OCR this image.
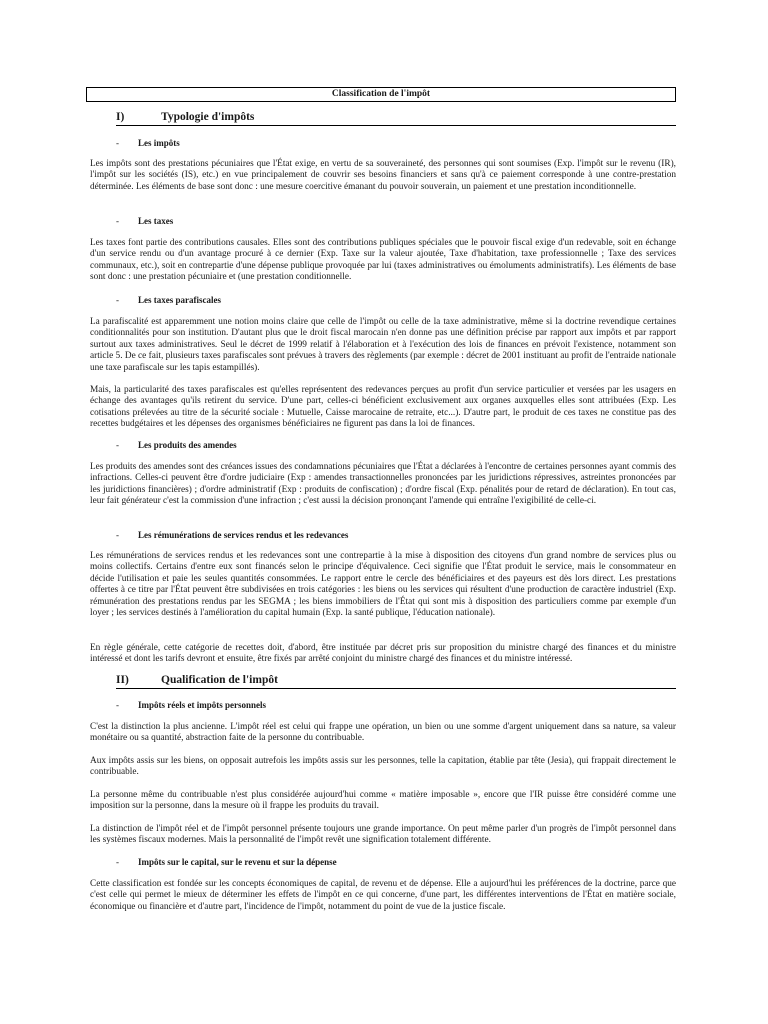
Classification de l'impôt
I)	Typologie d'impôts
- Les impôts

Les impôts sont des prestations pécuniaires que l'État exige, en vertu de sa souveraineté, des personnes qui sont soumises (Exp. l'impôt sur le revenu (IR), l'impôt sur les sociétés (IS), etc.) en vue principalement de couvrir ses besoins financiers et sans qu'à ce paiement corresponde à une contre-prestation déterminée. Les éléments de base sont donc : une mesure coercitive émanant du pouvoir souverain, un paiement et une prestation inconditionnelle.

- Les taxes

Les taxes font partie des contributions causales. Elles sont des contributions publiques spéciales que le pouvoir fiscal exige d'un redevable, soit en échange d'un service rendu ou d'un avantage procuré à ce dernier (Exp. Taxe sur la valeur ajoutée, Taxe d'habitation, taxe professionnelle ; Taxe des services communaux, etc.), soit en contrepartie d'une dépense publique provoquée par lui (taxes administratives ou émoluments administratifs). Les éléments de base sont donc : une prestation pécuniaire et (une prestation conditionnelle.

- Les taxes parafiscales

La parafiscalité est apparemment une notion moins claire que celle de l'impôt ou celle de la taxe administrative, même si la doctrine revendique certaines conditionnalités pour son institution. D'autant plus que le droit fiscal marocain n'en donne pas une définition précise par rapport aux impôts et par rapport surtout aux taxes administratives. Seul le décret de 1999 relatif à l'élaboration et à l'exécution des lois de finances en prévoit l'existence, notamment son article 5. De ce fait, plusieurs taxes parafiscales sont prévues à travers des règlements (par exemple : décret de 2001 instituant au profit de l'entraide nationale une taxe parafiscale sur les tapis estampillés).

Mais, la particularité des taxes parafiscales est qu'elles représentent des redevances perçues au profit d'un service particulier et versées par les usagers en échange des avantages qu'ils retirent du service. D'une part, celles-ci bénéficient exclusivement aux organes auxquelles elles sont attribuées (Exp. Les cotisations prélevées au titre de la sécurité sociale : Mutuelle, Caisse marocaine de retraite, etc...). D'autre part, le produit de ces taxes ne constitue pas des recettes budgétaires et les dépenses des organismes bénéficiaires ne figurent pas dans la loi de finances.

- Les produits des amendes

Les produits des amendes sont des créances issues des condamnations pécuniaires que l'État a déclarées à l'encontre de certaines personnes ayant commis des infractions. Celles-ci peuvent être d'ordre judiciaire (Exp : amendes transactionnelles prononcées par les juridictions répressives, astreintes prononcées par les juridictions financières) ; d'ordre administratif (Exp : produits de confiscation) ; d'ordre fiscal (Exp. pénalités pour de retard de déclaration). En tout cas, leur fait générateur c'est la commission d'une infraction ; c'est aussi la décision prononçant l'amende qui entraîne l'exigibilité de celle-ci.

- Les rémunérations de services rendus et les redevances

Les rémunérations de services rendus et les redevances sont une contrepartie à la mise à disposition des citoyens d'un grand nombre de services plus ou moins collectifs. Certains d'entre eux sont financés selon le principe d'équivalence. Ceci signifie que l'État produit le service, mais le consommateur en décide l'utilisation et paie les seules quantités consommées. Le rapport entre le cercle des bénéficiaires et des payeurs est dès lors direct. Les prestations offertes à ce titre par l'État peuvent être subdivisées en trois catégories : les biens ou les services qui résultent d'une production de caractère industriel (Exp. rémunération des prestations rendus par les SEGMA ; les biens immobiliers de l'État qui sont mis à disposition des particuliers comme par exemple d'un loyer ; les services destinés à l'amélioration du capital humain (Exp. la santé publique, l'éducation nationale).

En règle générale, cette catégorie de recettes doit, d'abord, être instituée par décret pris sur proposition du ministre chargé des finances et du ministre intéressé et dont les tarifs devront et ensuite, être fixés par arrêté conjoint du ministre chargé des finances et du ministre intéressé.

II)	Qualification de l'impôt
- Impôts réels et impôts personnels

C'est la distinction la plus ancienne. L'impôt réel est celui qui frappe une opération, un bien ou une somme d'argent uniquement dans sa nature, sa valeur monétaire ou sa quantité, abstraction faite de la personne du contribuable.

Aux impôts assis sur les biens, on opposait autrefois les impôts assis sur les personnes, telle la capitation, établie par tête (Jesia), qui frappait directement le contribuable.

La personne même du contribuable n'est plus considérée aujourd'hui comme « matière imposable », encore que l'IR puisse être considéré comme une imposition sur la personne, dans la mesure où il frappe les produits du travail.

La distinction de l'impôt réel et de l'impôt personnel présente toujours une grande importance. On peut même parler d'un progrès de l'impôt personnel dans les systèmes fiscaux modernes. Mais la personnalité de l'impôt revêt une signification totalement différente.

- Impôts sur le capital, sur le revenu et sur la dépense

Cette classification est fondée sur les concepts économiques de capital, de revenu et de dépense. Elle a aujourd'hui les préférences de la doctrine, parce que c'est celle qui permet le mieux de déterminer les effets de l'impôt en ce qui concerne, d'une part, les différentes interventions de l'État en matière sociale, économique ou financière et d'autre part, l'incidence de l'impôt, notamment du point de vue de la justice fiscale.
